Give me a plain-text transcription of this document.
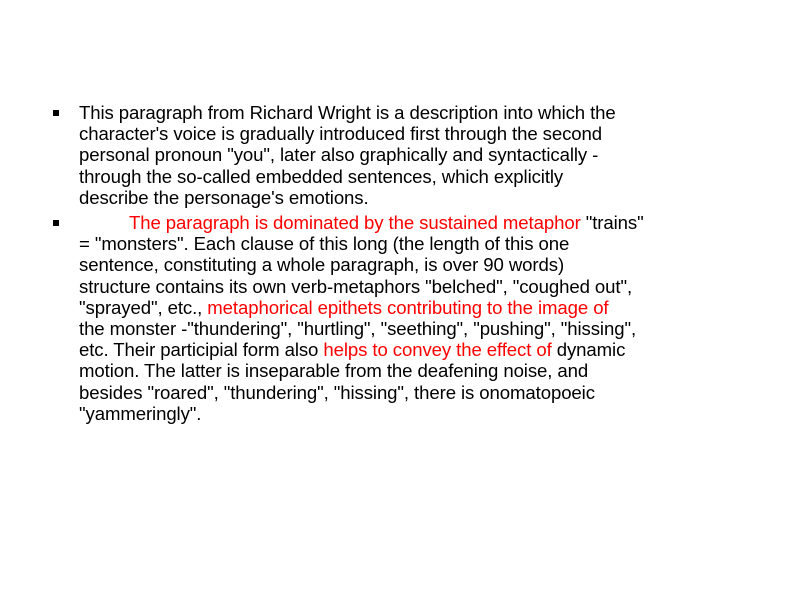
This paragraph from Richard Wright is a description into which the
character's voice is gradually introduced first through the second
personal pronoun "you", later also graphically and syntactically -
through the so-called embedded sentences, which explicitly
describe the personage's emotions.
The paragraph is dominated by the sustained metaphor "trains"
= "monsters". Each clause of this long (the length of this one
sentence, constituting a whole paragraph, is over 90 words)
structure contains its own verb-metaphors "belched", "coughed out",
"sprayed", etc., metaphorical epithets contributing to the image of
the monster -"thundering", "hurtling", "seething", "pushing", "hissing",
etc. Their participial form also helps to convey the effect of dynamic
motion. The latter is inseparable from the deafening noise, and
besides "roared", "thundering", "hissing", there is onomatopoeic
"yammeringly".
